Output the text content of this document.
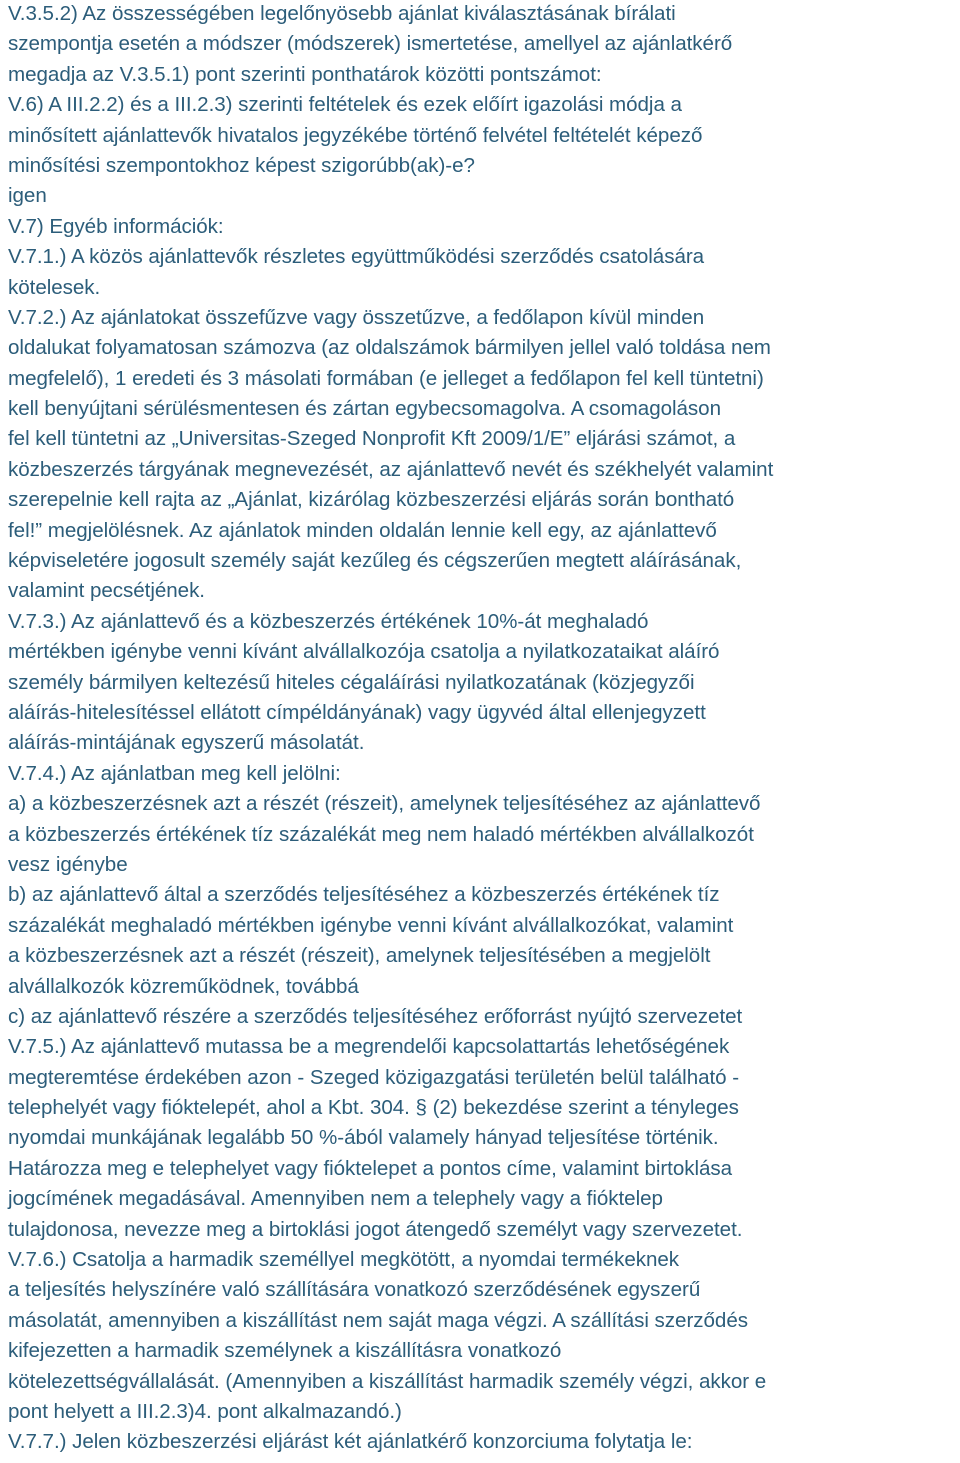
V.3.5.2) Az összességében legelőnyösebb ajánlat kiválasztásának bírálati
szempontja esetén a módszer (módszerek) ismertetése, amellyel az ajánlatkérő
megadja az V.3.5.1) pont szerinti ponthatárok közötti pontszámot:
V.6) A III.2.2) és a III.2.3) szerinti feltételek és ezek előírt igazolási módja a
minősített ajánlattevők hivatalos jegyzékébe történő felvétel feltételét képező
minősítési szempontokhoz képest szigorúbb(ak)-e?
igen
V.7) Egyéb információk:
V.7.1.) A közös ajánlattevők részletes együttműködési szerződés csatolására
kötelesek.
V.7.2.) Az ajánlatokat összefűzve vagy összetűzve, a fedőlapon kívül minden
oldalukat folyamatosan számozva (az oldalszámok bármilyen jellel való toldása nem
megfelelő), 1 eredeti és 3 másolati formában (e jelleget a fedőlapon fel kell tüntetni)
kell benyújtani sérülésmentesen és zártan egybecsomagolva. A csomagoláson
fel kell tüntetni az „Universitas-Szeged Nonprofit Kft 2009/1/E” eljárási számot, a
közbeszerzés tárgyának megnevezését, az ajánlattevő nevét és székhelyét valamint
szerepelnie kell rajta az „Ajánlat, kizárólag közbeszerzési eljárás során bontható
fel!” megjelölésnek. Az ajánlatok minden oldalán lennie kell egy, az ajánlattevő
képviseletére jogosult személy saját kezűleg és cégszerűen megtett aláírásának,
valamint pecsétjének.
V.7.3.) Az ajánlattevő és a közbeszerzés értékének 10%-át meghaladó
mértékben igénybe venni kívánt alvállalkozója csatolja a nyilatkozataikat aláíró
személy bármilyen keltezésű hiteles cégaláírási nyilatkozatának (közjegyzői
aláírás-hitelesítéssel ellátott címpéldányának) vagy ügyvéd által ellenjegyzett
aláírás-mintájának egyszerű másolatát.
V.7.4.) Az ajánlatban meg kell jelölni:
a) a közbeszerzésnek azt a részét (részeit), amelynek teljesítéséhez az ajánlattevő
a közbeszerzés értékének tíz százalékát meg nem haladó mértékben alvállalkozót
vesz igénybe
b) az ajánlattevő által a szerződés teljesítéséhez a közbeszerzés értékének tíz
százalékát meghaladó mértékben igénybe venni kívánt alvállalkozókat, valamint
a közbeszerzésnek azt a részét (részeit), amelynek teljesítésében a megjelölt
alvállalkozók közreműködnek, továbbá
c) az ajánlattevő részére a szerződés teljesítéséhez erőforrást nyújtó szervezetet
V.7.5.) Az ajánlattevő mutassa be a megrendelői kapcsolattartás lehetőségének
megteremtése érdekében azon - Szeged közigazgatási területén belül található -
telephelyét vagy fióktelepét, ahol a Kbt. 304. § (2) bekezdése szerint a tényleges
nyomdai munkájának legalább 50 %-ából valamely hányad teljesítése történik.
Határozza meg e telephelyet vagy fióktelepet a pontos címe, valamint birtoklása
jogcímének megadásával. Amennyiben nem a telephely vagy a fióktelep
tulajdonosa, nevezze meg a birtoklási jogot átengedő személyt vagy szervezetet.
V.7.6.) Csatolja a harmadik személlyel megkötött, a nyomdai termékeknek
a teljesítés helyszínére való szállítására vonatkozó szerződésének egyszerű
másolatát, amennyiben a kiszállítást nem saját maga végzi. A szállítási szerződés
kifejezetten a harmadik személynek a kiszállításra vonatkozó
kötelezettségvállalását. (Amennyiben a kiszállítást harmadik személy végzi, akkor e
pont helyett a III.2.3)4. pont alkalmazandó.)
V.7.7.) Jelen közbeszerzési eljárást két ajánlatkérő konzorciuma folytatja le:
